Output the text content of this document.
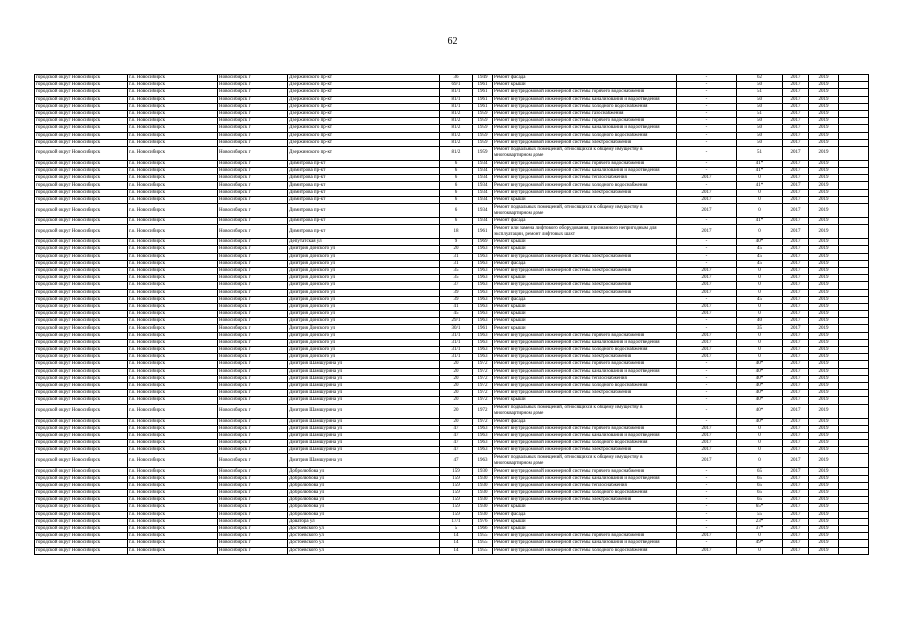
62
городской округ Новосибирск	г.о. Новосибирск	Новосибирск г	Дзержинского пр-кт	36	1949	Ремонт фасада	-	62	2017	2019	
городской округ Новосибирск	г.о. Новосибирск	Новосибирск г	Дзержинского пр-кт	69/1	1961	Ремонт крыши	-	50	2017	2019	
городской округ Новосибирск	г.о. Новосибирск	Новосибирск г	Дзержинского пр-кт	81/1	1961	Ремонт внутридомовой инженерной системы горячего водоснабжения	-	51	2017	2019	
городской округ Новосибирск	г.о. Новосибирск	Новосибирск г	Дзержинского пр-кт	81/1	1961	Ремонт внутридомовой инженерной системы канализования и водоотведения	-	50	2017	2019	
городской округ Новосибирск	г.о. Новосибирск	Новосибирск г	Дзержинского пр-кт	81/1	1961	Ремонт внутридомовой инженерной системы холодного водоснабжения	-	50	2017	2019	
городской округ Новосибирск	г.о. Новосибирск	Новосибирск г	Дзержинского пр-кт	81/2	1959	Ремонт внутридомовой инженерной системы газоснабжения	-	51	2017	2019	
городской округ Новосибирск	г.о. Новосибирск	Новосибирск г	Дзержинского пр-кт	81/2	1959	Ремонт внутридомовой инженерной системы горячего водоснабжения	-	50	2017	2019	
городской округ Новосибирск	г.о. Новосибирск	Новосибирск г	Дзержинского пр-кт	81/2	1959	Ремонт внутридомовой инженерной системы канализования и водоотведения	-	50	2017	2019	
городской округ Новосибирск	г.о. Новосибирск	Новосибирск г	Дзержинского пр-кт	81/2	1959	Ремонт внутридомовой инженерной системы холодного водоснабжения	-	50	2017	2019	
городской округ Новосибирск	г.о. Новосибирск	Новосибирск г	Дзержинского пр-кт	81/2	1959	Ремонт внутридомовой инженерной системы электроснабжения	-	50	2017	2019	
городской округ Новосибирск	г.о. Новосибирск	Новосибирск г	Дзержинского пр-кт	81/2	1959	Ремонт подвальных помещений, относящихся к общему имуществу в многоквартирном доме	-	51	2017	2019	
городской округ Новосибирск	г.о. Новосибирск	Новосибирск г	Димитрова пр-кт	6	1934	Ремонт внутридомовой инженерной системы горячего водоснабжения	-	41*	2017	2019	
городской округ Новосибирск	г.о. Новосибирск	Новосибирск г	Димитрова пр-кт	6	1934	Ремонт внутридомовой инженерной системы канализования и водоотведения	-	41*	2017	2019	
городской округ Новосибирск	г.о. Новосибирск	Новосибирск г	Димитрова пр-кт	6	1934	Ремонт внутридомовой инженерной системы теплоснабжения	2017	0	2017	2019	
городской округ Новосибирск	г.о. Новосибирск	Новосибирск г	Димитрова пр-кт	6	1934	Ремонт внутридомовой инженерной системы холодного водоснабжения	-	41*	2017	2019	
городской округ Новосибирск	г.о. Новосибирск	Новосибирск г	Димитрова пр-кт	6	1934	Ремонт внутридомовой инженерной системы электроснабжения	2017	0	2017	2019	
городской округ Новосибирск	г.о. Новосибирск	Новосибирск г	Димитрова пр-кт	6	1934	Ремонт крыши	2017	0	2017	2019	
городской округ Новосибирск	г.о. Новосибирск	Новосибирск г	Димитрова пр-кт	6	1934	Ремонт подвальных помещений, относящихся к общему имуществу в многоквартирном доме	2017	0	2017	2019	
городской округ Новосибирск	г.о. Новосибирск	Новосибирск г	Димитрова пр-кт	6	1934	Ремонт фасада	-	41*	2017	2019	
городской округ Новосибирск	г.о. Новосибирск	Новосибирск г	Димитрова пр-кт	18	1961	Ремонт или замена лифтового оборудования, признанного непригодным для эксплуатации, ремонт лифтовых шахт	2017	0	2017	2019	
городской округ Новосибирск	г.о. Новосибирск	Новосибирск г	Депутатская ул	9	1969	Ремонт крыши	-	40*	2017	2019	
городской округ Новосибирск	г.о. Новосибирск	Новосибирск г	Дмитрия Донского ул	20	1963	Ремонт крыши	-	45	2017	2019	
городской округ Новосибирск	г.о. Новосибирск	Новосибирск г	Дмитрия Донского ул	31	1963	Ремонт внутридомовой инженерной системы электроснабжения	-	45	2017	2019	
городской округ Новосибирск	г.о. Новосибирск	Новосибирск г	Дмитрия Донского ул	31	1963	Ремонт фасада	-	45	2017	2019	
городской округ Новосибирск	г.о. Новосибирск	Новосибирск г	Дмитрия Донского ул	35	1963	Ремонт внутридомовой инженерной системы электроснабжения	2017	0	2017	2019	
городской округ Новосибирск	г.о. Новосибирск	Новосибирск г	Дмитрия Донского ул	35	1963	Ремонт крыши	2017	0	2017	2019	
городской округ Новосибирск	г.о. Новосибирск	Новосибирск г	Дмитрия Донского ул	37	1963	Ремонт внутридомовой инженерной системы электроснабжения	2017	0	2017	2019	
городской округ Новосибирск	г.о. Новосибирск	Новосибирск г	Дмитрия Донского ул	39	1963	Ремонт внутридомовой инженерной системы электроснабжения	2017	0	2017	2019	
городской округ Новосибирск	г.о. Новосибирск	Новосибирск г	Дмитрия Донского ул	39	1963	Ремонт фасада	-	45	2017	2019	
городской округ Новосибирск	г.о. Новосибирск	Новосибирск г	Дмитрия Донского ул	41	1963	Ремонт крыши	2017	0	2017	2019	
городской округ Новосибирск	г.о. Новосибирск	Новосибирск г	Дмитрия Донского ул	45	1963	Ремонт крыши	2017	0	2017	2019	
городской округ Новосибирск	г.о. Новосибирск	Новосибирск г	Дмитрия Донского ул	29/1	1963	Ремонт крыши	-	40	2017	2019	
городской округ Новосибирск	г.о. Новосибирск	Новосибирск г	Дмитрия Донского ул	30/1	1961	Ремонт крыши	-	35	2017	2019	
городской округ Новосибирск	г.о. Новосибирск	Новосибирск г	Дмитрия Донского ул	31/1	1963	Ремонт внутридомовой инженерной системы горячего водоснабжения	2017	0	2017	2019	
городской округ Новосибирск	г.о. Новосибирск	Новосибирск г	Дмитрия Донского ул	31/1	1963	Ремонт внутридомовой инженерной системы канализования и водоотведения	2017	0	2017	2019	
городской округ Новосибирск	г.о. Новосибирск	Новосибирск г	Дмитрия Донского ул	31/1	1963	Ремонт внутридомовой инженерной системы холодного водоснабжения	2017	0	2017	2019	
городской округ Новосибирск	г.о. Новосибирск	Новосибирск г	Дмитрия Донского ул	31/1	1963	Ремонт внутридомовой инженерной системы электроснабжения	2017	0	2017	2019	
городской округ Новосибирск	г.о. Новосибирск	Новосибирск г	Дмитрия Шамшурина ул	20	1972	Ремонт внутридомовой инженерной системы горячего водоснабжения	-	40*	2017	2019	
городской округ Новосибирск	г.о. Новосибирск	Новосибирск г	Дмитрия Шамшурина ул	20	1972	Ремонт внутридомовой инженерной системы канализования и водоотведения	-	40*	2017	2019	
городской округ Новосибирск	г.о. Новосибирск	Новосибирск г	Дмитрия Шамшурина ул	20	1972	Ремонт внутридомовой инженерной системы теплоснабжения	-	40*	2017	2019	
городской округ Новосибирск	г.о. Новосибирск	Новосибирск г	Дмитрия Шамшурина ул	20	1972	Ремонт внутридомовой инженерной системы холодного водоснабжения	-	40*	2017	2019	
городской округ Новосибирск	г.о. Новосибирск	Новосибирск г	Дмитрия Шамшурина ул	20	1972	Ремонт внутридомовой инженерной системы электроснабжения	-	40*	2017	2019	
городской округ Новосибирск	г.о. Новосибирск	Новосибирск г	Дмитрия Шамшурина ул	20	1972	Ремонт крыши	-	40*	2017	2019	
городской округ Новосибирск	г.о. Новосибирск	Новосибирск г	Дмитрия Шамшурина ул	20	1972	Ремонт подвальных помещений, относящихся к общему имуществу в многоквартирном доме	-	40*	2017	2019	
городской округ Новосибирск	г.о. Новосибирск	Новосибирск г	Дмитрия Шамшурина ул	20	1972	Ремонт фасада	-	40*	2017	2019	
городской округ Новосибирск	г.о. Новосибирск	Новосибирск г	Дмитрия Шамшурина ул	47	1963	Ремонт внутридомовой инженерной системы горячего водоснабжения	2017	0	2017	2019	
городской округ Новосибирск	г.о. Новосибирск	Новосибирск г	Дмитрия Шамшурина ул	47	1963	Ремонт внутридомовой инженерной системы канализования и водоотведения	2017	0	2017	2019	
городской округ Новосибирск	г.о. Новосибирск	Новосибирск г	Дмитрия Шамшурина ул	47	1963	Ремонт внутридомовой инженерной системы холодного водоснабжения	2017	0	2017	2019	
городской округ Новосибирск	г.о. Новосибирск	Новосибирск г	Дмитрия Шамшурина ул	47	1963	Ремонт внутридомовой инженерной системы электроснабжения	2017	0	2017	2019	
городской округ Новосибирск	г.о. Новосибирск	Новосибирск г	Дмитрия Шамшурина ул	47	1963	Ремонт подвальных помещений, относящихся к общему имуществу в многоквартирном доме	2017	0	2017	2019	
городской округ Новосибирск	г.о. Новосибирск	Новосибирск г	Добролюбова ул	159	1930	Ремонт внутридомовой инженерной системы горячего водоснабжения	-	65	2017	2019	
городской округ Новосибирск	г.о. Новосибирск	Новосибирск г	Добролюбова ул	159	1930	Ремонт внутридомовой инженерной системы канализования и водоотведения	-	65	2017	2019	
городской округ Новосибирск	г.о. Новосибирск	Новосибирск г	Добролюбова ул	159	1930	Ремонт внутридомовой инженерной системы теплоснабжения	-	65	2017	2019	
городской округ Новосибирск	г.о. Новосибирск	Новосибирск г	Добролюбова ул	159	1930	Ремонт внутридомовой инженерной системы холодного водоснабжения	-	65	2017	2019	
городской округ Новосибирск	г.о. Новосибирск	Новосибирск г	Добролюбова ул	159	1930	Ремонт внутридомовой инженерной системы электроснабжения	-	65	2017	2019	
городской округ Новосибирск	г.о. Новосибирск	Новосибирск г	Добролюбова ул	159	1930	Ремонт крыши	-	65*	2017	2019	
городской округ Новосибирск	г.о. Новосибирск	Новосибирск г	Добролюбова ул	159	1930	Ремонт фасада	-	55	2017	2019	
городской округ Новосибирск	г.о. Новосибирск	Новосибирск г	Доватора ул	17/1	1976	Ремонт крыши	-	23*	2017	2019	
городской округ Новосибирск	г.о. Новосибирск	Новосибирск г	Достоевского ул	5	1966	Ремонт крыши	-	37*	2017	2019	
городской округ Новосибирск	г.о. Новосибирск	Новосибирск г	Достоевского ул	14	1955	Ремонт внутридомовой инженерной системы горячего водоснабжения	2017	0	2017	2019	
городской округ Новосибирск	г.о. Новосибирск	Новосибирск г	Достоевского ул	14	1955	Ремонт внутридомовой инженерной системы канализования и водоотведения	-	49*	2017	2019	
городской округ Новосибирск	г.о. Новосибирск	Новосибирск г	Достоевского ул	14	1955	Ремонт внутридомовой инженерной системы холодного водоснабжения	2017	0	2017	2019	
